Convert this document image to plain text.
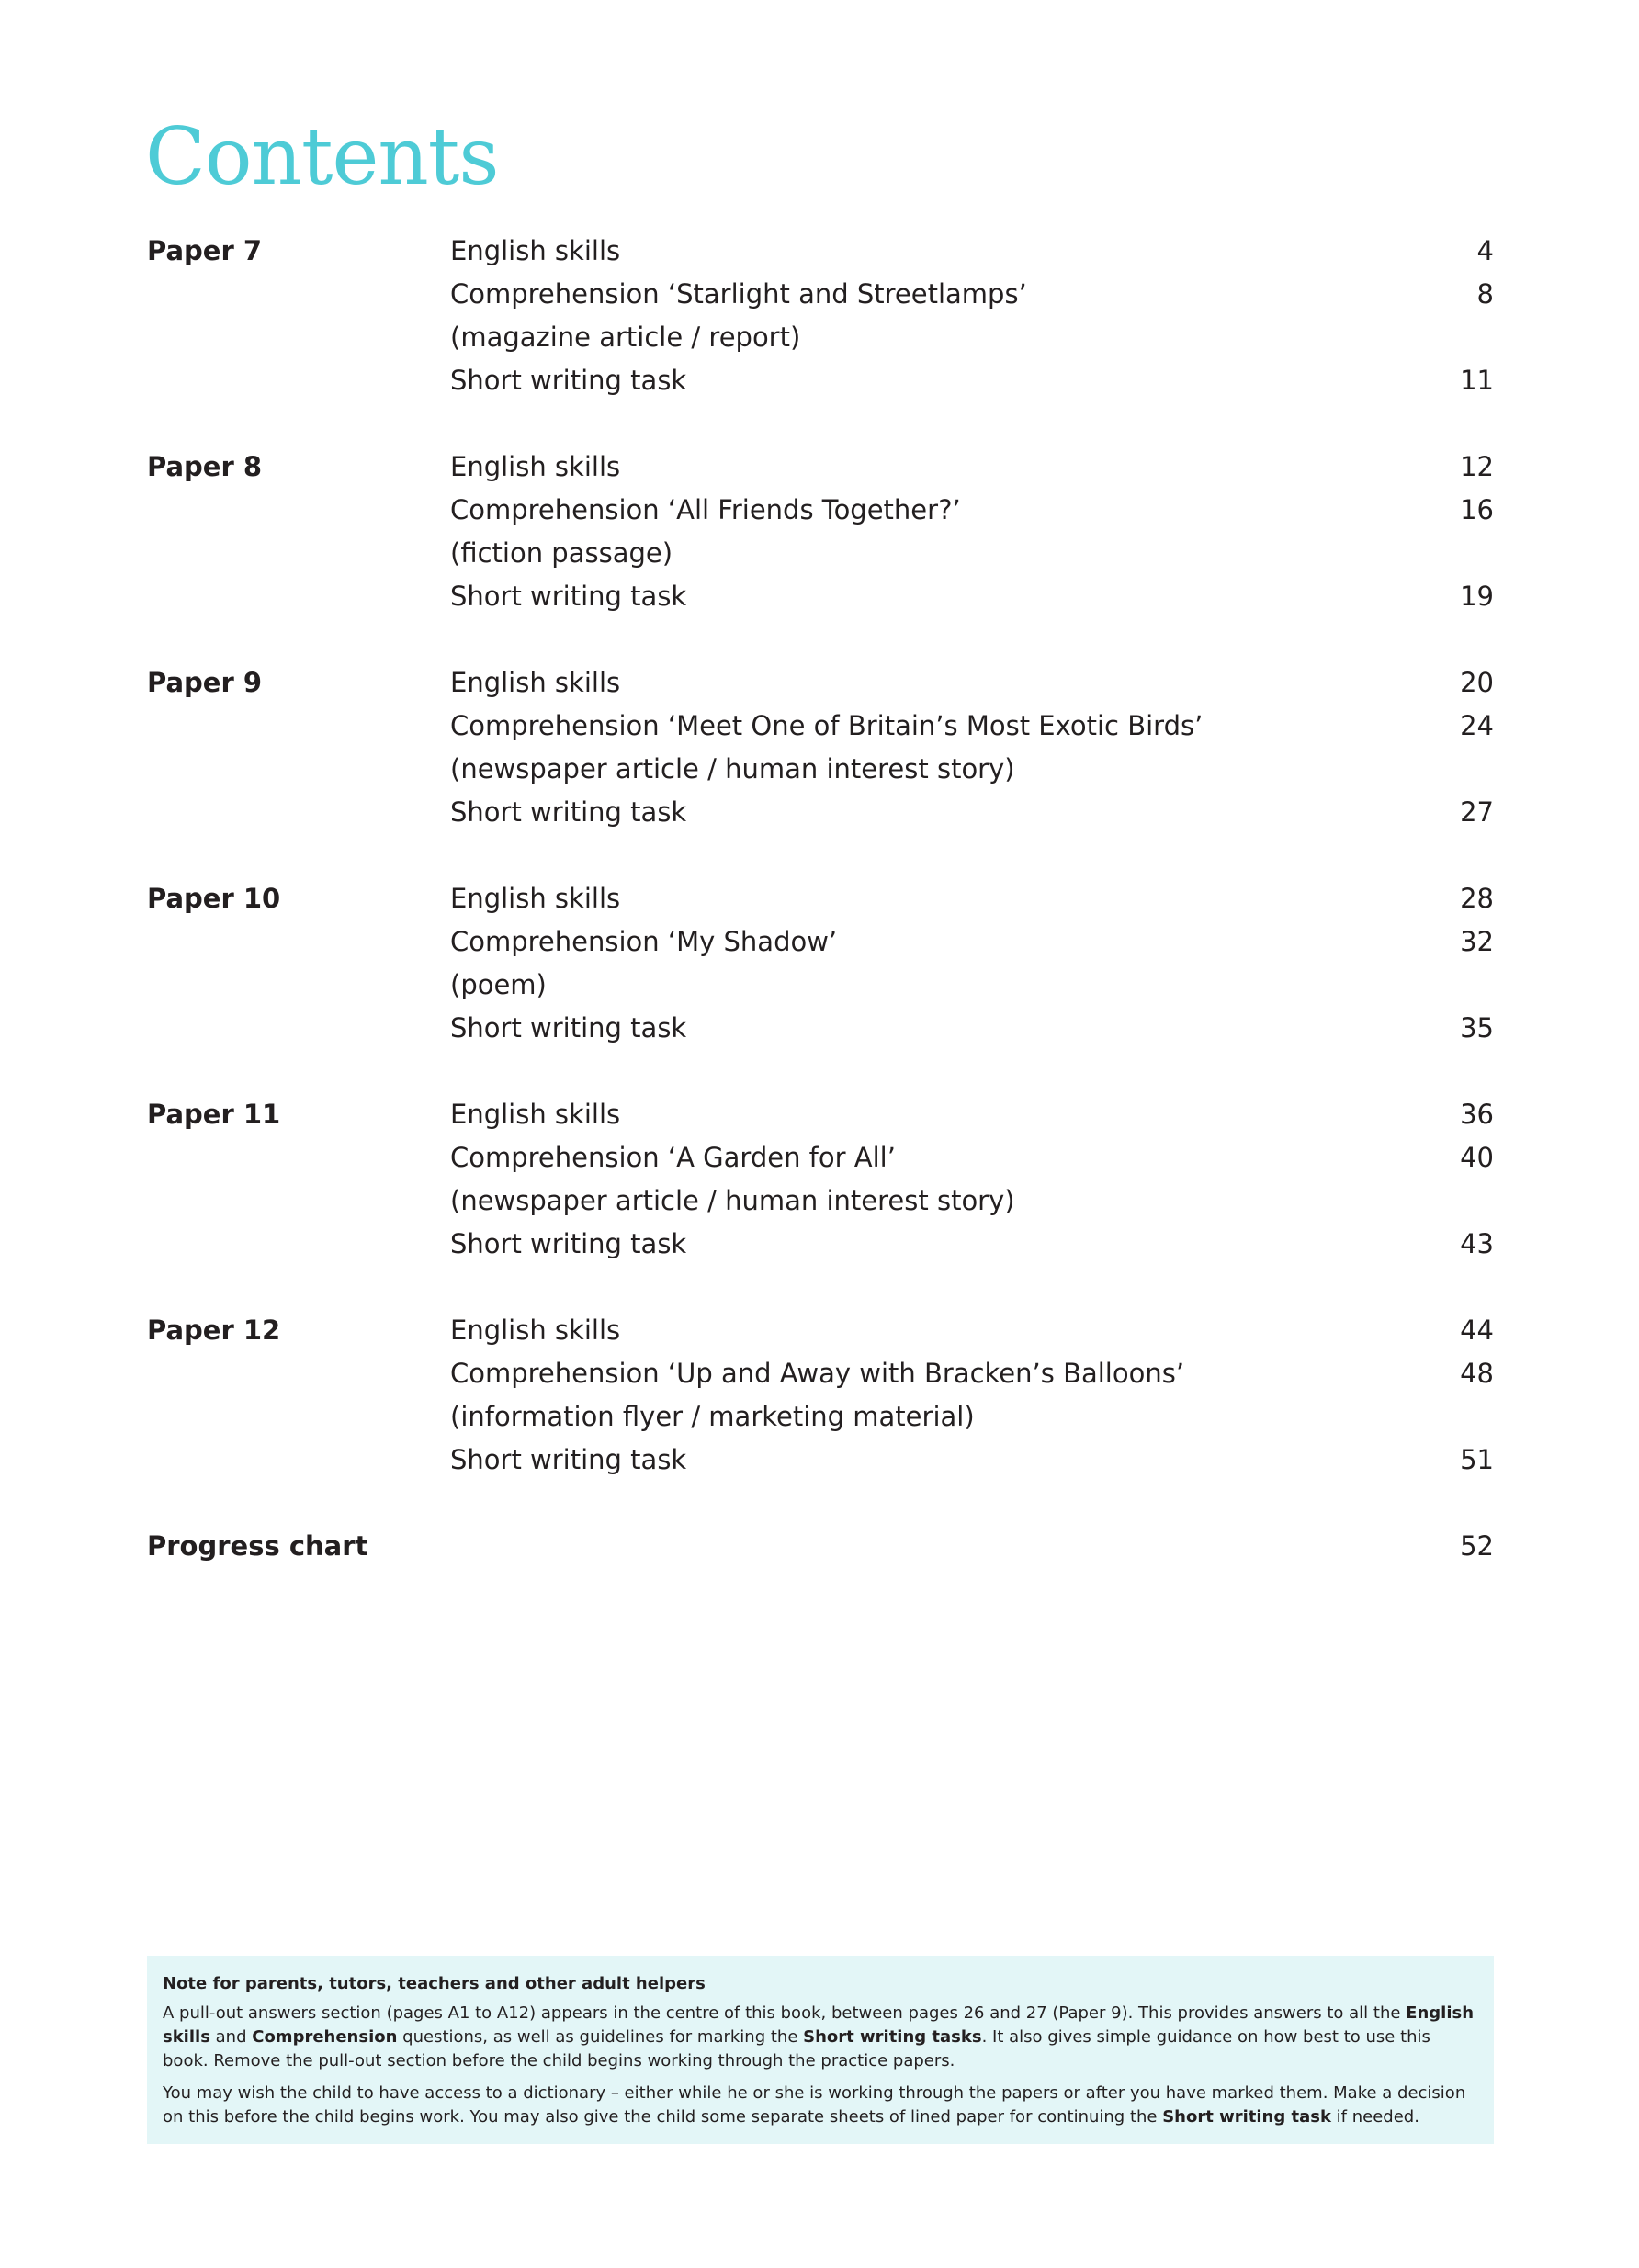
Contents
Paper 7	English skills	4
Comprehension ‘Starlight and Streetlamps’	8
(magazine article / report)
Short writing task	11
Paper 8	English skills	12
Comprehension ‘All Friends Together?’	16
(fiction passage)
Short writing task	19
Paper 9	English skills	20
Comprehension ‘Meet One of Britain’s Most Exotic Birds’	24
(newspaper article / human interest story)
Short writing task	27
Paper 10	English skills	28
Comprehension ‘My Shadow’	32
(poem)
Short writing task	35
Paper 11	English skills	36
Comprehension ‘A Garden for All’	40
(newspaper article / human interest story)
Short writing task	43
Paper 12	English skills	44
Comprehension ‘Up and Away with Bracken’s Balloons’	48
(information flyer / marketing material)
Short writing task	51
Progress chart	52
Note for parents, tutors, teachers and other adult helpers

A pull-out answers section (pages A1 to A12) appears in the centre of this book, between pages 26 and 27 (Paper 9). This provides answers to all the English skills and Comprehension questions, as well as guidelines for marking the Short writing tasks. It also gives simple guidance on how best to use this book. Remove the pull-out section before the child begins working through the practice papers.

You may wish the child to have access to a dictionary – either while he or she is working through the papers or after you have marked them. Make a decision on this before the child begins work. You may also give the child some separate sheets of lined paper for continuing the Short writing task if needed.
